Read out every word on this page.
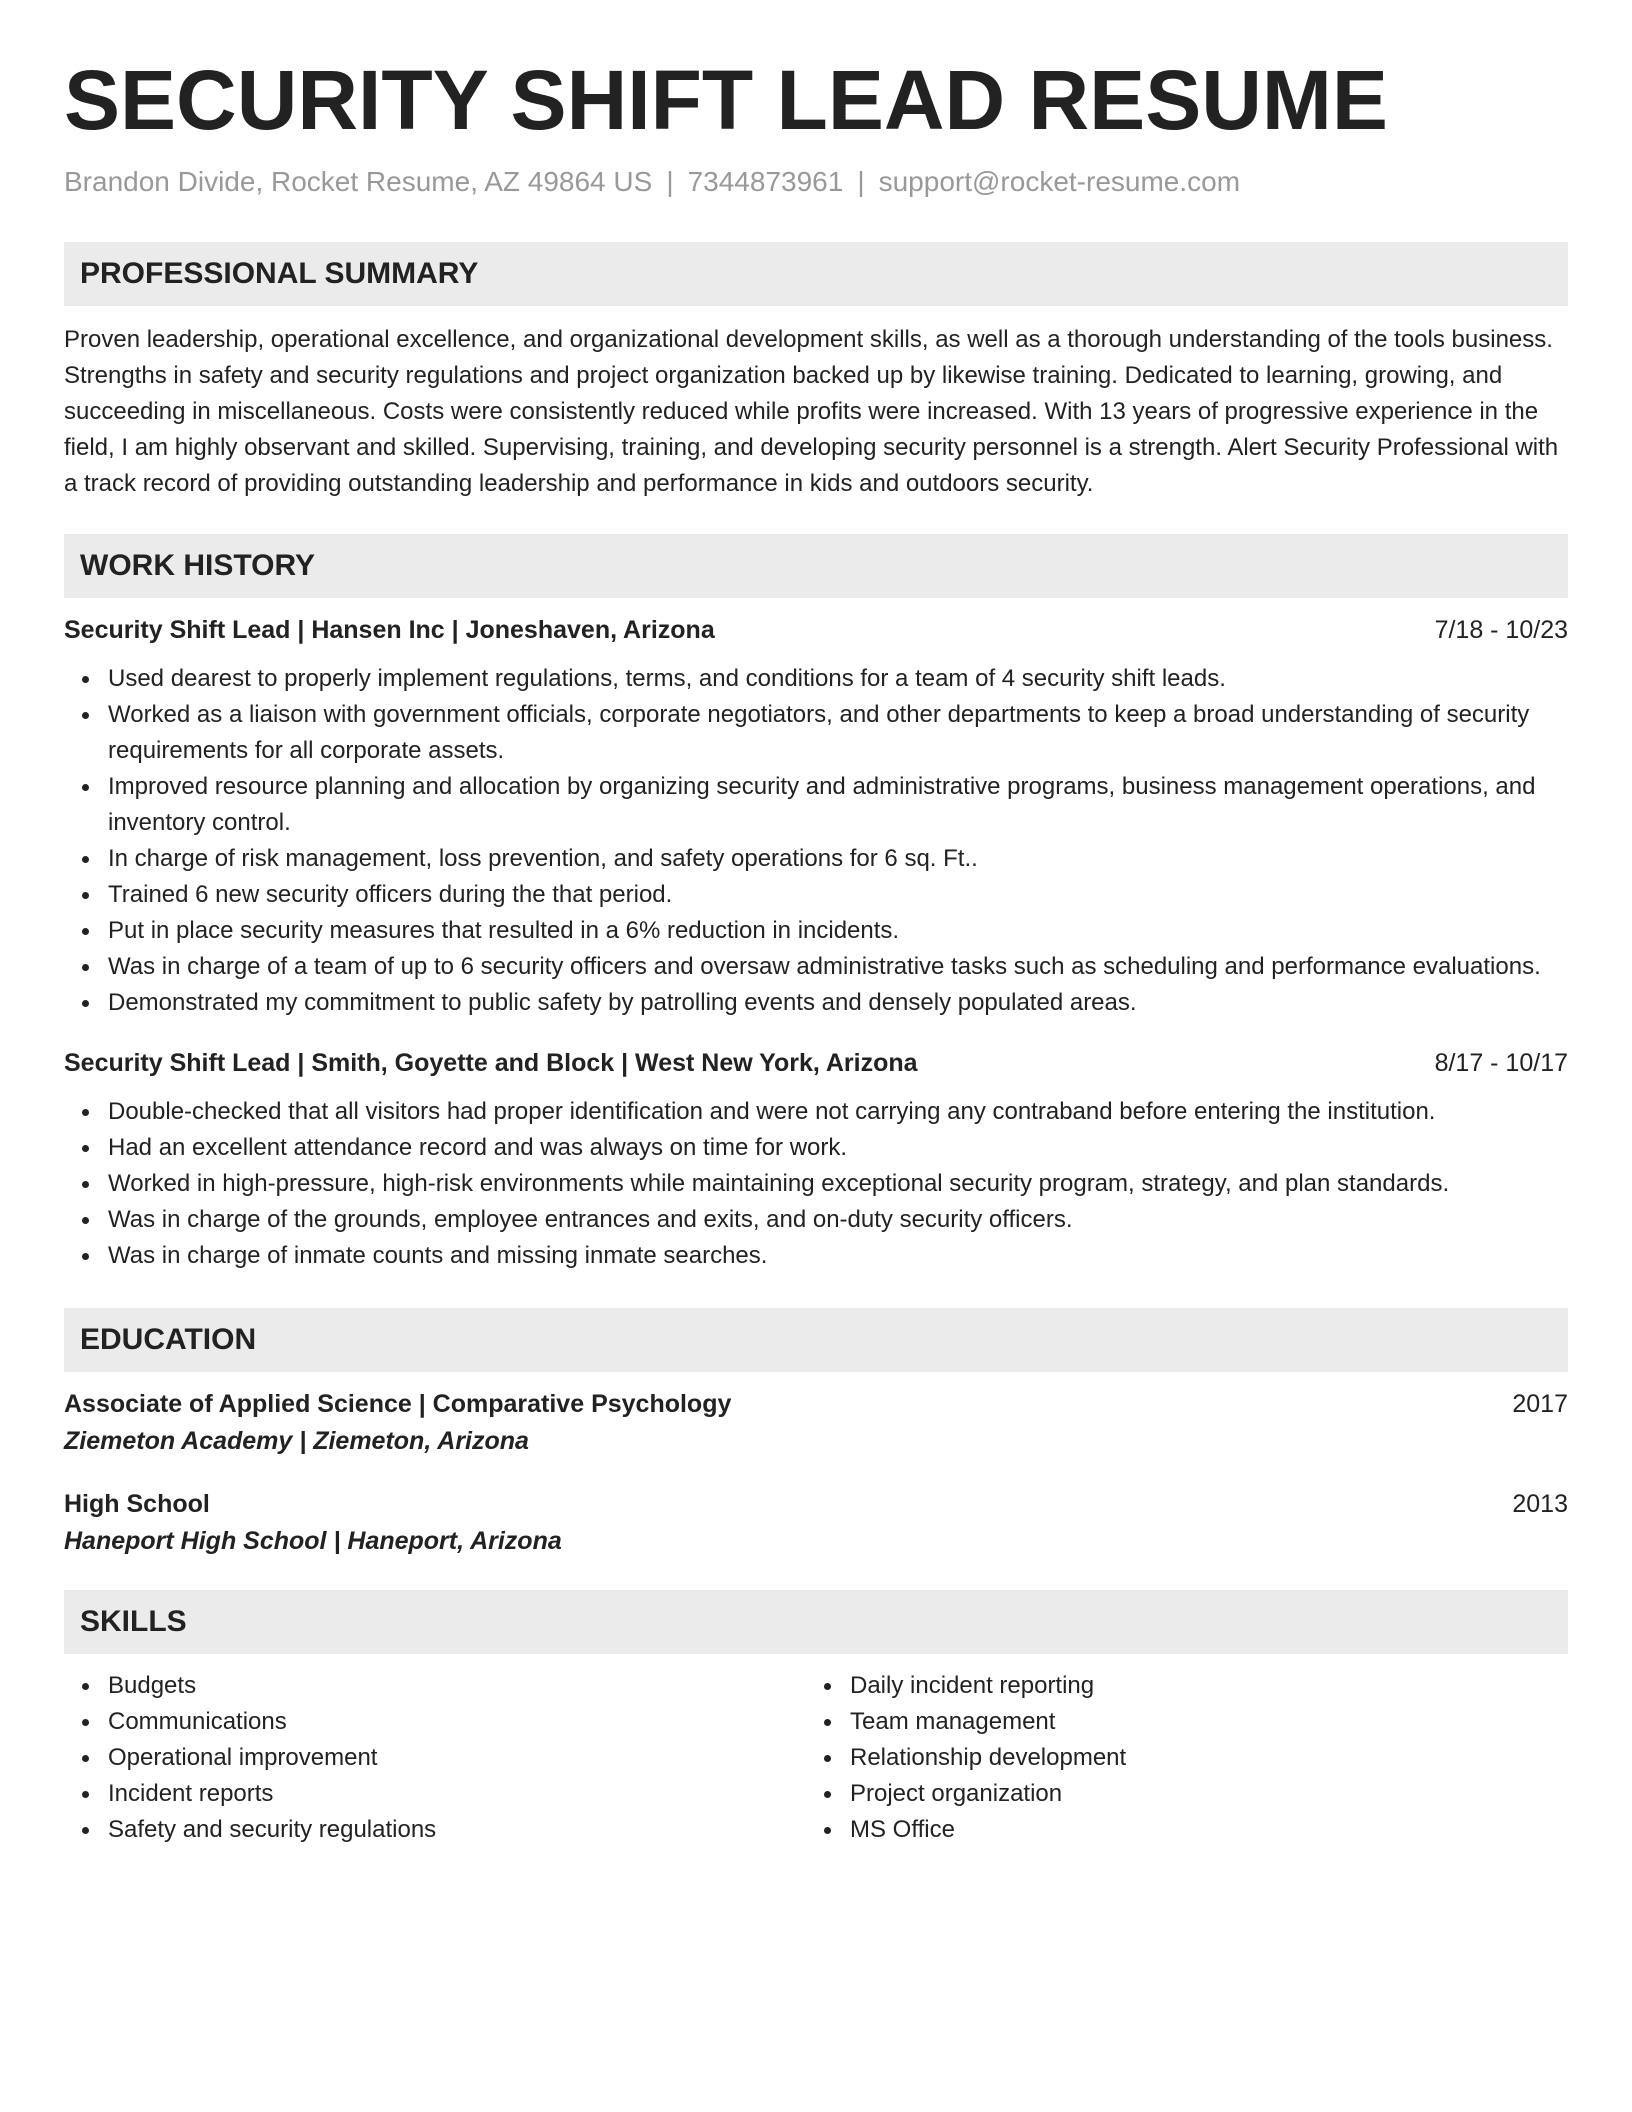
SECURITY SHIFT LEAD RESUME
Brandon Divide, Rocket Resume, AZ 49864 US | 7344873961 | support@rocket-resume.com
PROFESSIONAL SUMMARY

Proven leadership, operational excellence, and organizational development skills, as well as a thorough understanding of the tools business. Strengths in safety and security regulations and project organization backed up by likewise training. Dedicated to learning, growing, and succeeding in miscellaneous. Costs were consistently reduced while profits were increased. With 13 years of progressive experience in the field, I am highly observant and skilled. Supervising, training, and developing security personnel is a strength. Alert Security Professional with a track record of providing outstanding leadership and performance in kids and outdoors security.

WORK HISTORY
Security Shift Lead | Hansen Inc | Joneshaven, Arizona	7/18 - 10/23
Used dearest to properly implement regulations, terms, and conditions for a team of 4 security shift leads.
Worked as a liaison with government officials, corporate negotiators, and other departments to keep a broad understanding of security requirements for all corporate assets.
Improved resource planning and allocation by organizing security and administrative programs, business management operations, and inventory control.
In charge of risk management, loss prevention, and safety operations for 6 sq. Ft..
Trained 6 new security officers during the that period.
Put in place security measures that resulted in a 6% reduction in incidents.
Was in charge of a team of up to 6 security officers and oversaw administrative tasks such as scheduling and performance evaluations.
Demonstrated my commitment to public safety by patrolling events and densely populated areas.
Security Shift Lead | Smith, Goyette and Block | West New York, Arizona	8/17 - 10/17
Double-checked that all visitors had proper identification and were not carrying any contraband before entering the institution.
Had an excellent attendance record and was always on time for work.
Worked in high-pressure, high-risk environments while maintaining exceptional security program, strategy, and plan standards.
Was in charge of the grounds, employee entrances and exits, and on-duty security officers.
Was in charge of inmate counts and missing inmate searches.
EDUCATION
Associate of Applied Science | Comparative Psychology	2017
Ziemeton Academy | Ziemeton, Arizona
High School	2013
Haneport High School | Haneport, Arizona
SKILLS
Budgets
Communications
Operational improvement
Incident reports
Safety and security regulations
Daily incident reporting
Team management
Relationship development
Project organization
MS Office
